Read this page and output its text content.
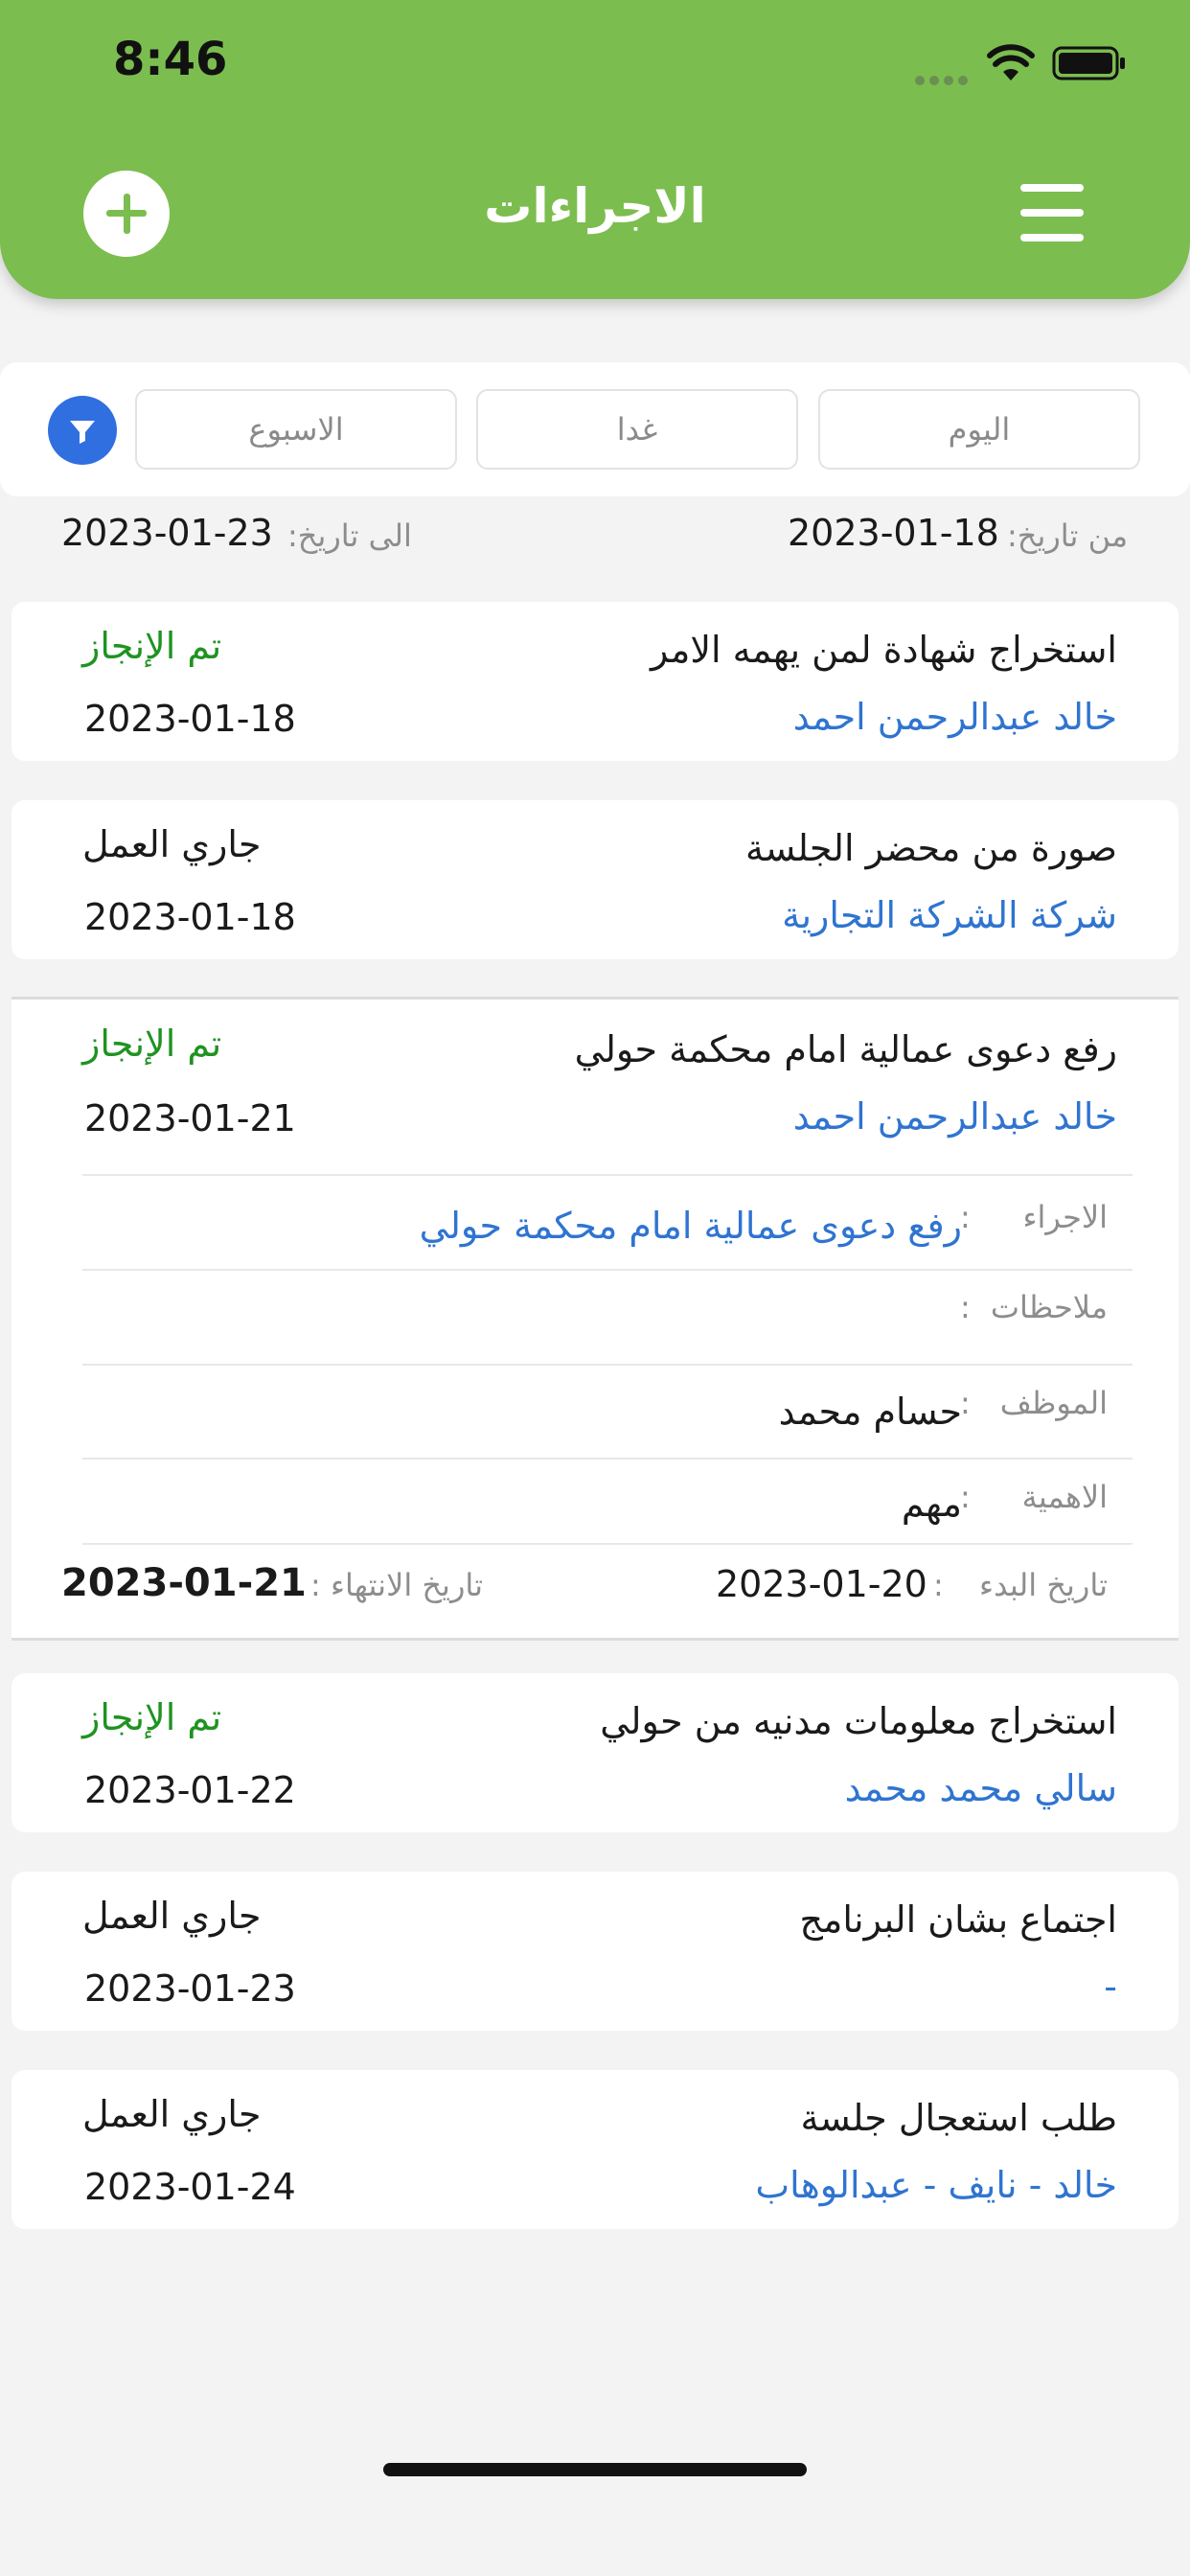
8:46
الاجراءات
اليوم
غدا
الاسبوع
من تاريخ:
2023-01-18
الى تاريخ:
2023-01-23
استخراج شهادة لمن يهمه الامر
تم الإنجاز
خالد عبدالرحمن احمد
2023-01-18
صورة من محضر الجلسة
جاري العمل
شركة الشركة التجارية
2023-01-18
رفع دعوى عمالية امام محكمة حولي
تم الإنجاز
خالد عبدالرحمن احمد
2023-01-21
الاجراء
:
رفع دعوى عمالية امام محكمة حولي
ملاحظات
:
الموظف
:
حسام محمد
الاهمية
:
مهم
تاريخ البدء
:
2023-01-20
تاريخ الانتهاء :
2023-01-21
استخراج معلومات مدنيه من حولي
تم الإنجاز
سالي محمد محمد
2023-01-22
اجتماع بشان البرنامج
جاري العمل
-
2023-01-23
طلب استعجال جلسة
جاري العمل
خالد - نايف - عبدالوهاب
2023-01-24
